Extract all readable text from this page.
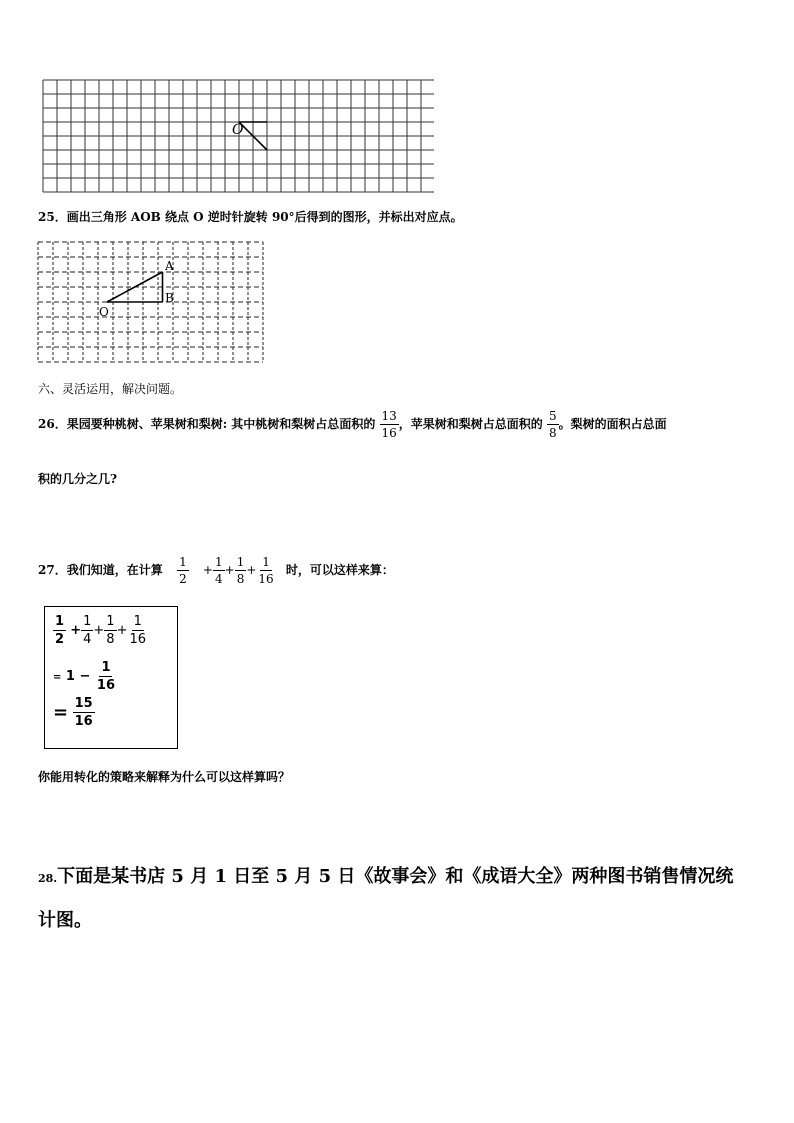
O
25．画出三角形 AOB 绕点 O 逆时针旋转 90°后得到的图形，并标出对应点。
A
B
O
六、灵活运用，解决问题。
26．果园要种桃树、苹果树和梨树: 其中桃树和梨树占总面积的 $\frac{13}{16}$ ，苹果树和梨树占总面积的 $\frac{5}{8}$ 。梨树的面积占总面
积的几分之几?
27．我们知道，在计算 $\frac{1}{2} + \frac{1}{4} + \frac{1}{8} + \frac{1}{16}$ 时，可以这样来算：
$\frac{1}{2} + \frac{1}{4} + \frac{1}{8} + \frac{1}{16}$
= $1 - \frac{1}{16}$
= $\frac{15}{16}$
你能用转化的策略来解释为什么可以这样算吗？
28.下面是某书店 5 月 1 日至 5 月 5 日《故事会》和《成语大全》两种图书销售情况统
计图。
